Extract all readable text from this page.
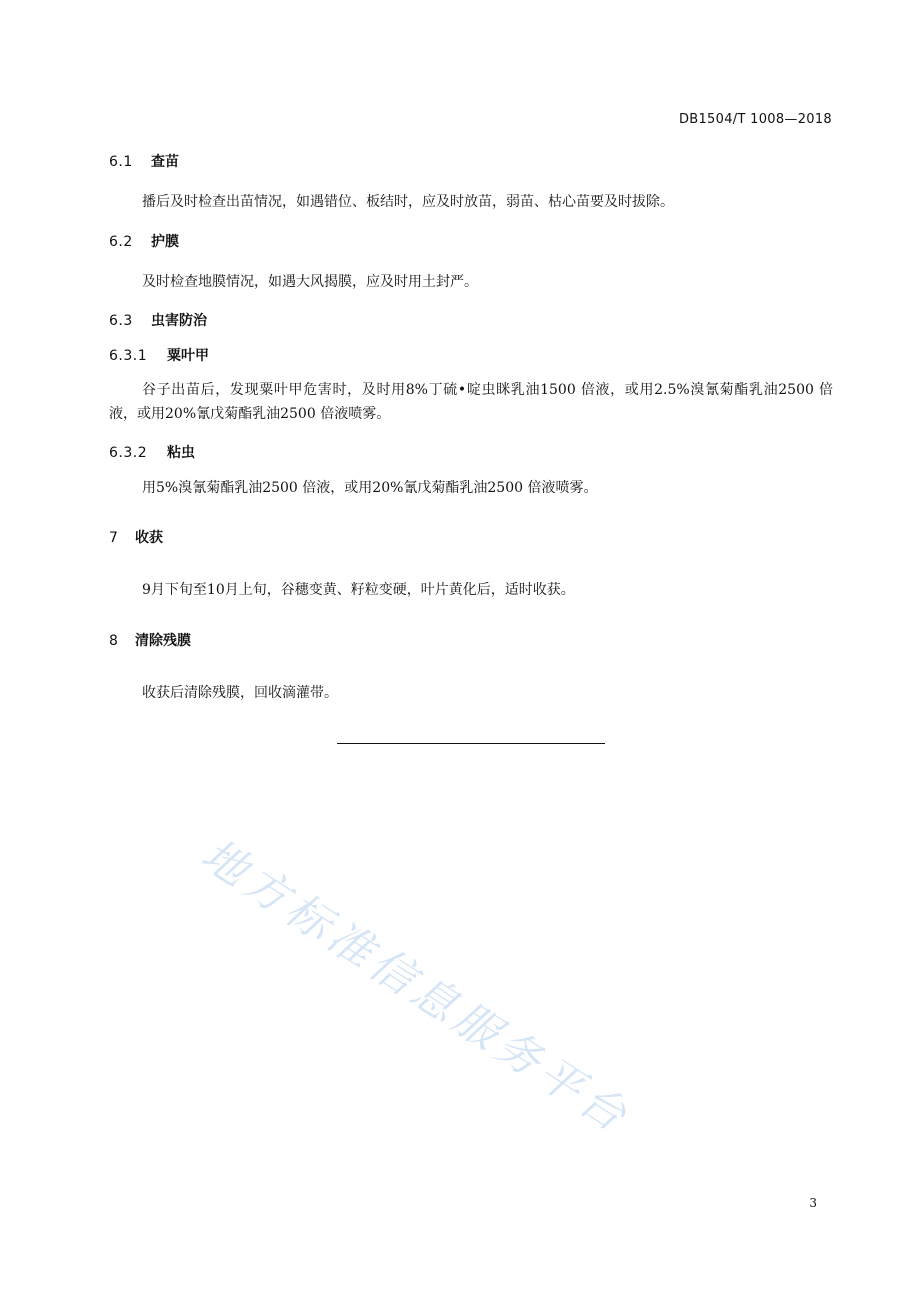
DB1504/T 1008—2018
6.1 查苗
播后及时检查出苗情况，如遇错位、板结时，应及时放苗，弱苗、枯心苗要及时拔除。
6.2 护膜
及时检查地膜情况，如遇大风揭膜，应及时用土封严。
6.3 虫害防治
6.3.1 粟叶甲
谷子出苗后，发现粟叶甲危害时，及时用8%丁硫•啶虫眯乳油1500 倍液，或用2.5%溴氰菊酯乳油2500 倍液，或用20%氰戊菊酯乳油2500 倍液喷雾。
6.3.2 粘虫
用5%溴氰菊酯乳油2500 倍液，或用20%氰戊菊酯乳油2500 倍液喷雾。
7 收获
9月下旬至10月上旬，谷穗变黄、籽粒变硬，叶片黄化后，适时收获。
8 清除残膜
收获后清除残膜，回收滴灌带。
地方标准信息服务平台
3
